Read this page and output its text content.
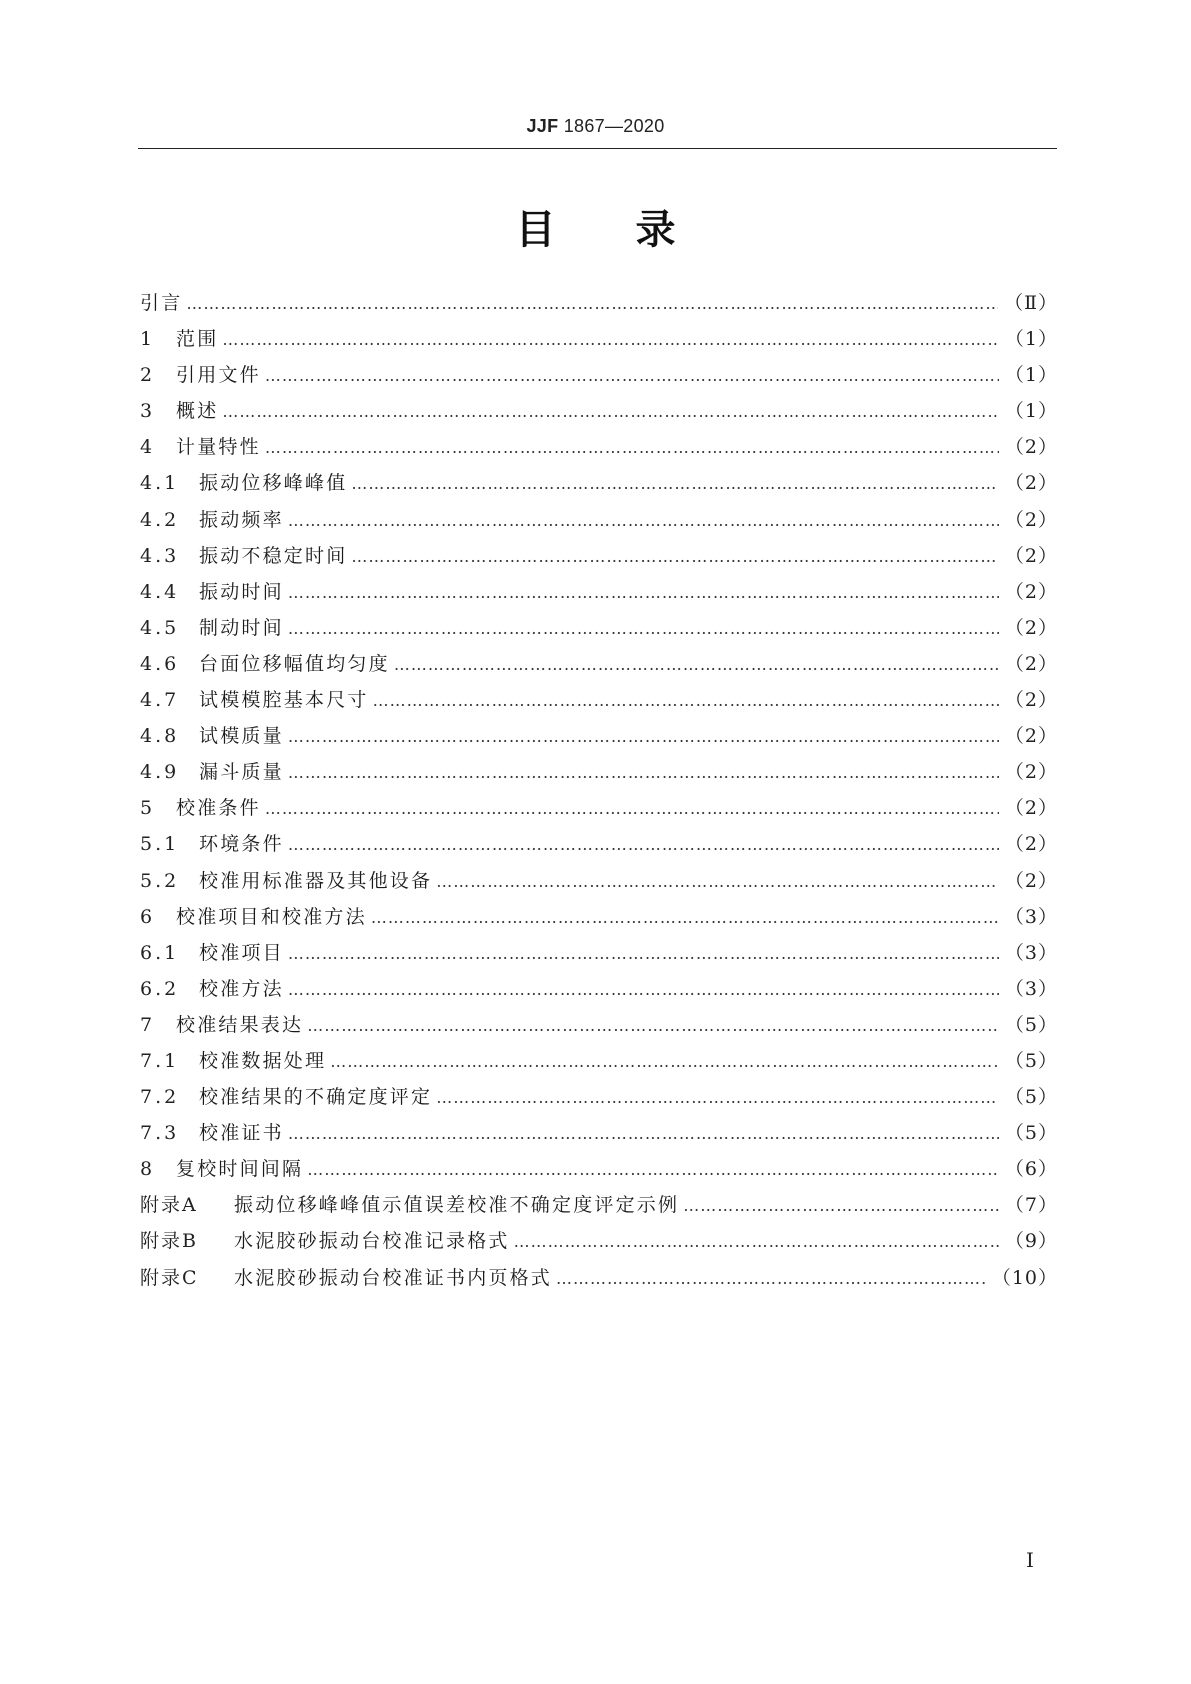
JJF 1867—2020
目录
引言 ……………………………………………………………………………………………………………………………………………………………………………………………………………………………………………………………………	（Ⅱ）
1	范围 ……………………………………………………………………………………………………………………………………………………………………………………………………………………………………………………………………	（1）
2	引用文件 ……………………………………………………………………………………………………………………………………………………………………………………………………………………………………………………………………	（1）
3	概述 ……………………………………………………………………………………………………………………………………………………………………………………………………………………………………………………………………	（1）
4	计量特性 ……………………………………………………………………………………………………………………………………………………………………………………………………………………………………………………………………	（2）
4.1	振动位移峰峰值 ……………………………………………………………………………………………………………………………………………………………………………………………………………………………………………………………………	（2）
4.2	振动频率 ……………………………………………………………………………………………………………………………………………………………………………………………………………………………………………………………………	（2）
4.3	振动不稳定时间 ……………………………………………………………………………………………………………………………………………………………………………………………………………………………………………………………………	（2）
4.4	振动时间 ……………………………………………………………………………………………………………………………………………………………………………………………………………………………………………………………………	（2）
4.5	制动时间 ……………………………………………………………………………………………………………………………………………………………………………………………………………………………………………………………………	（2）
4.6	台面位移幅值均匀度 ……………………………………………………………………………………………………………………………………………………………………………………………………………………………………………………………………	（2）
4.7	试模模腔基本尺寸 ……………………………………………………………………………………………………………………………………………………………………………………………………………………………………………………………………	（2）
4.8	试模质量 ……………………………………………………………………………………………………………………………………………………………………………………………………………………………………………………………………	（2）
4.9	漏斗质量 ……………………………………………………………………………………………………………………………………………………………………………………………………………………………………………………………………	（2）
5	校准条件 ……………………………………………………………………………………………………………………………………………………………………………………………………………………………………………………………………	（2）
5.1	环境条件 ……………………………………………………………………………………………………………………………………………………………………………………………………………………………………………………………………	（2）
5.2	校准用标准器及其他设备 ……………………………………………………………………………………………………………………………………………………………………………………………………………………………………………………………………	（2）
6	校准项目和校准方法 ……………………………………………………………………………………………………………………………………………………………………………………………………………………………………………………………………	（3）
6.1	校准项目 ……………………………………………………………………………………………………………………………………………………………………………………………………………………………………………………………………	（3）
6.2	校准方法 ……………………………………………………………………………………………………………………………………………………………………………………………………………………………………………………………………	（3）
7	校准结果表达 ……………………………………………………………………………………………………………………………………………………………………………………………………………………………………………………………………	（5）
7.1	校准数据处理 ……………………………………………………………………………………………………………………………………………………………………………………………………………………………………………………………………	（5）
7.2	校准结果的不确定度评定 ……………………………………………………………………………………………………………………………………………………………………………………………………………………………………………………………………	（5）
7.3	校准证书 ……………………………………………………………………………………………………………………………………………………………………………………………………………………………………………………………………	（5）
8	复校时间间隔 ……………………………………………………………………………………………………………………………………………………………………………………………………………………………………………………………………	（6）
附录A	振动位移峰峰值示值误差校准不确定度评定示例 ……………………………………………………………………………………………………………………………………………………………………………………………………………………………………………………………………	（7）
附录B	水泥胶砂振动台校准记录格式 ……………………………………………………………………………………………………………………………………………………………………………………………………………………………………………………………………	（9）
附录C	水泥胶砂振动台校准证书内页格式 ……………………………………………………………………………………………………………………………………………………………………………………………………………………………………………………………………	（10）
Ⅰ
